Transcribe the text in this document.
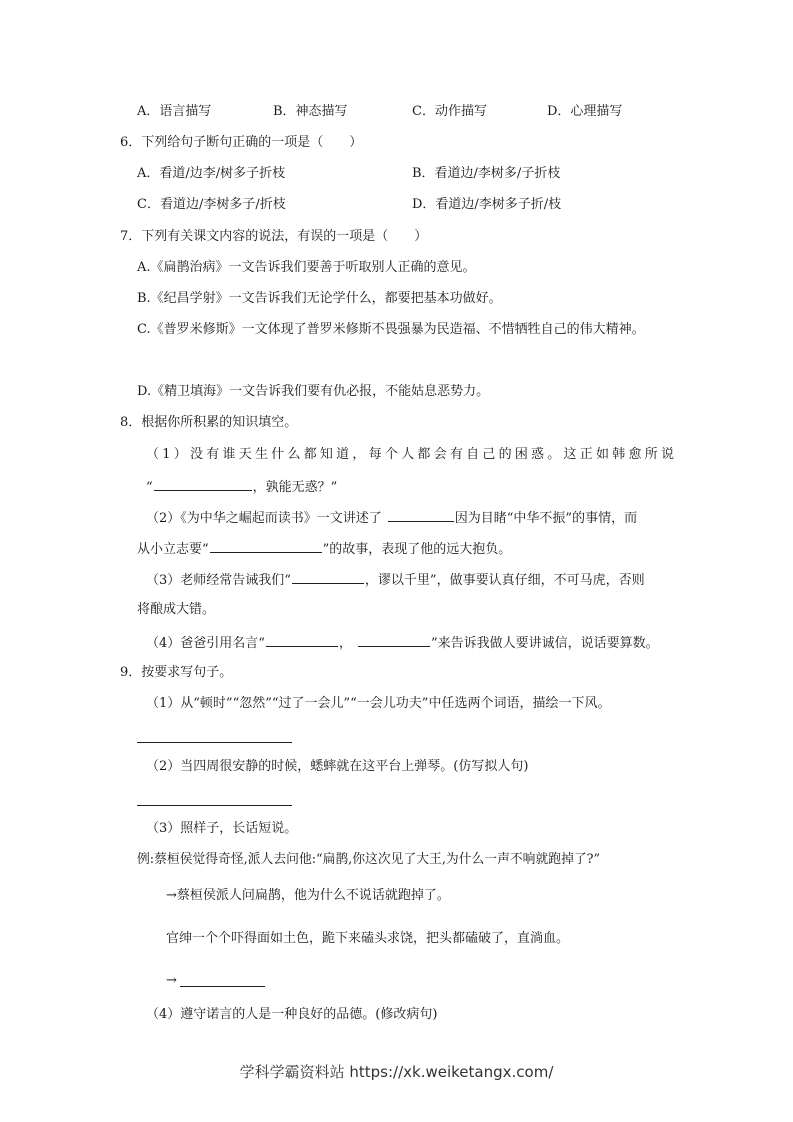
A．语言描写	B．神态描写	C．动作描写	D．心理描写
6．下列给句子断句正确的一项是（　　）
A．看道/边李/树多子折枝	B．看道边/李树多/子折枝
C．看道边/李树多子/折枝	D．看道边/李树多子折/枝
7．下列有关课文内容的说法，有误的一项是（　　）
A.《扁鹊治病》一文告诉我们要善于听取别人正确的意见。
B.《纪昌学射》一文告诉我们无论学什么，都要把基本功做好。
C.《普罗米修斯》一文体现了普罗米修斯不畏强暴为民造福、不惜牺牲自己的伟大精神。
D.《精卫填海》一文告诉我们要有仇必报，不能姑息恶势力。
8．根据你所积累的知识填空。
（1）没有谁天生什么都知道，每个人都会有自己的困惑。这正如韩愈所说
“	，孰能无惑？”
（2）《为中华之崛起而读书》一文讲述了	因为目睹“中华不振”的事情，而
从小立志要“	”的故事，表现了他的远大抱负。
（3）老师经常告诫我们“	，谬以千里”，做事要认真仔细，不可马虎，否则
将酿成大错。
（4）爸爸引用名言“	，	”来告诉我做人要讲诚信，说话要算数。
9．按要求写句子。
（1）从“顿时”“忽然”“过了一会儿”“一会儿功夫”中任选两个词语，描绘一下风。
（2）当四周很安静的时候，蟋蟀就在这平台上弹琴。(仿写拟人句)
（3）照样子，长话短说。
例:蔡桓侯觉得奇怪,派人去问他:“扁鹊,你这次见了大王,为什么一声不响就跑掉了?”
→蔡桓侯派人问扁鹊，他为什么不说话就跑掉了。
官绅一个个吓得面如土色，跪下来磕头求饶，把头都磕破了，直淌血。
→
（4）遵守诺言的人是一种良好的品德。(修改病句)
学科学霸资料站 https://xk.weiketangx.com/
